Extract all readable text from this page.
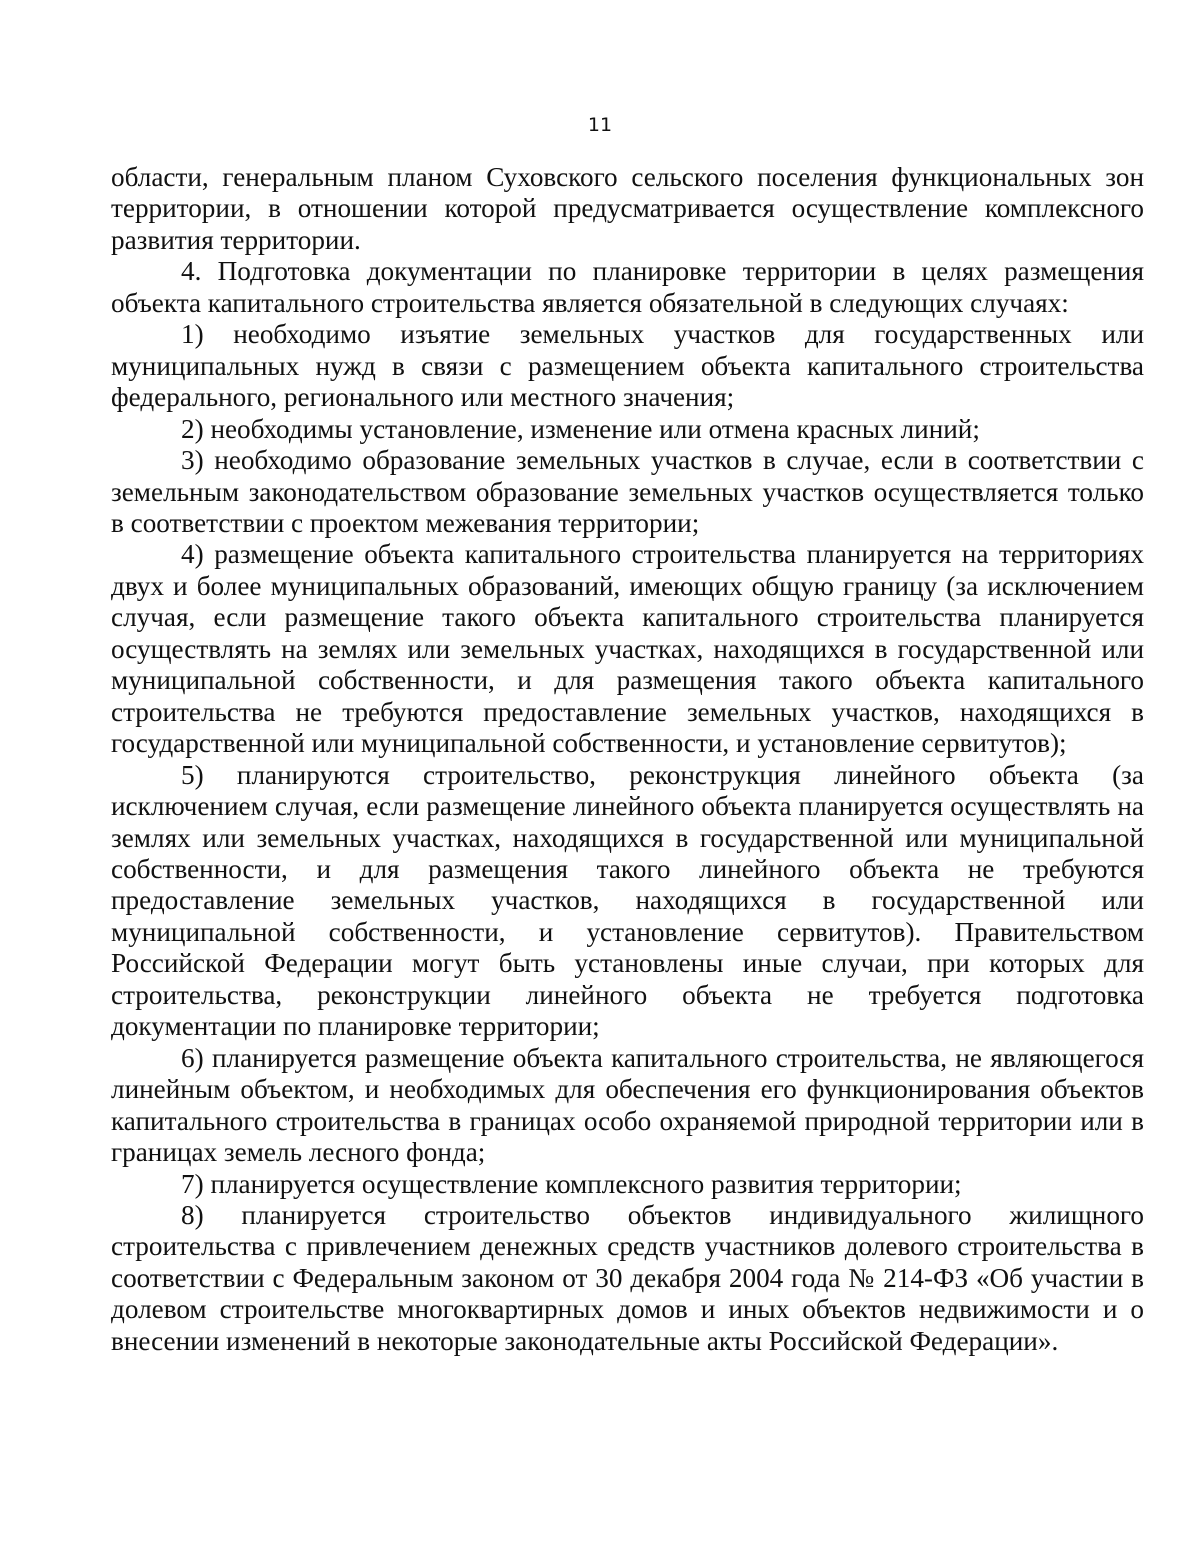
11

области, генеральным планом Суховского сельского поселения функциональных зон территории, в отношении которой предусматривается осуществление комплексного развития территории.

4. Подготовка документации по планировке территории в целях размещения объекта капитального строительства является обязательной в следующих случаях:

1) необходимо изъятие земельных участков для государственных или муниципальных нужд в связи с размещением объекта капитального строительства федерального, регионального или местного значения;

2) необходимы установление, изменение или отмена красных линий;

3) необходимо образование земельных участков в случае, если в соответствии с земельным законодательством образование земельных участков осуществляется только в соответствии с проектом межевания территории;

4) размещение объекта капитального строительства планируется на территориях двух и более муниципальных образований, имеющих общую границу (за исключением случая, если размещение такого объекта капитального строительства планируется осуществлять на землях или земельных участках, находящихся в государственной или муниципальной собственности, и для размещения такого объекта капитального строительства не требуются предоставление земельных участков, находящихся в государственной или муниципальной собственности, и установление сервитутов);

5) планируются строительство, реконструкция линейного объекта (за исключением случая, если размещение линейного объекта планируется осуществлять на землях или земельных участках, находящихся в государственной или муниципальной собственности, и для размещения такого линейного объекта не требуются предоставление земельных участков, находящихся в государственной или муниципальной собственности, и установление сервитутов). Правительством Российской Федерации могут быть установлены иные случаи, при которых для строительства, реконструкции линейного объекта не требуется подготовка документации по планировке территории;

6) планируется размещение объекта капитального строительства, не являющегося линейным объектом, и необходимых для обеспечения его функционирования объектов капитального строительства в границах особо охраняемой природной территории или в границах земель лесного фонда;

7) планируется осуществление комплексного развития территории;

8) планируется строительство объектов индивидуального жилищного строительства с привлечением денежных средств участников долевого строительства в соответствии с Федеральным законом от 30 декабря 2004 года № 214-ФЗ «Об участии в долевом строительстве многоквартирных домов и иных объектов недвижимости и о внесении изменений в некоторые законодательные акты Российской Федерации».
